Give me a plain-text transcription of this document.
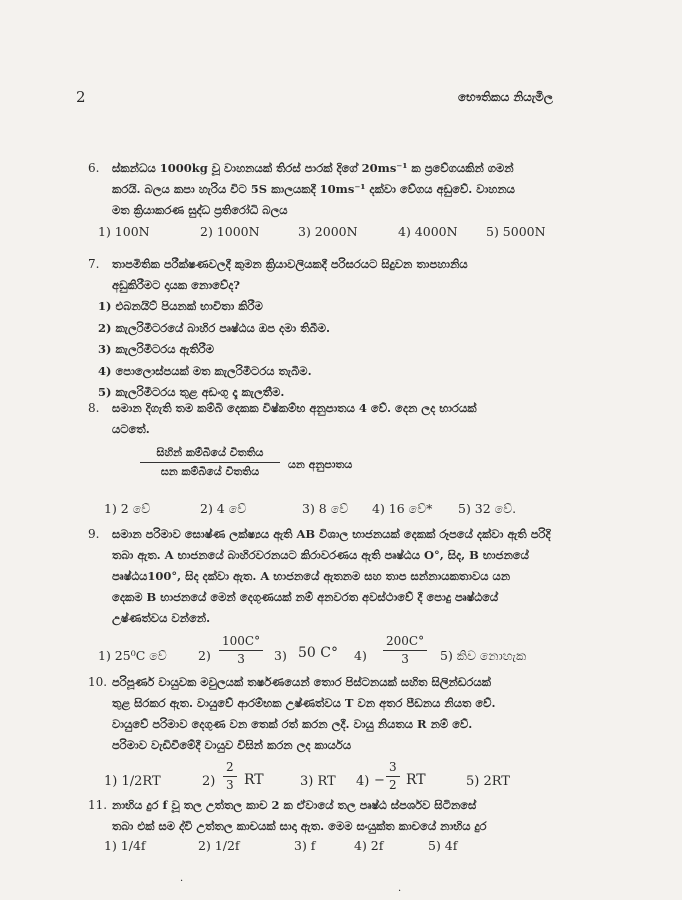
2	භෞතිකය නියැමිල
6.	ස්කන්ධය 1000kg වූ වාහනයක් තිරස් පාරක් දිගේ 20ms⁻¹ ක ප්‍රවේගයකින් ගමන්
කරයි. බලය කපා හැරිය විට 5S කාලයකදී 10ms⁻¹ දක්වා වේගය අඩුවේ. වාහනය
මත ක්‍රියාකරණ සුද්ධ ප්‍රතිරෝධි බලය
1) 100N	2) 1000N	3) 2000N	4) 4000N 5) 5000N
7.	තාපමිතික පරීක්ෂණවලදී කුමන ක්‍රියාවලියකදී පරිසරයට සිදුවන තාපහානිය
අඩුකිරීමට දායක නොවේද?
1) එබනයිට් පියනක් භාවිතා කිරීම
2) කැලරිමීටරයේ බාහිර පෘෂ්ඨය ඔප දමා තිබීම.
3) කැලරිමීටරය ඇතිරීම
4) පොලොස්පයක් මත කැලරිමීටරය තැබීම.
5) කැලරිමීටරය තුළ අඩංගු දෑ කැලතීම.
8.	සමාන දිගැති තම කම්බි දෙකක විෂ්කම්භ අනුපාතය 4 වේ. දෙන ලද භාරයක්
යටතේ.
සිහින් කම්බියේ විතතිය
ඝන කම්බියේ විතතිය
යන අනුපාතය
1) 2 වේ	2) 4 වේ	3) 8 වේ 4) 16 වේ* 5) 32 වේ.
9.	සමාන පරිමාව සොෂ්ණ ලක්ෂ්‍යය ඇති AB විශාල භාජනයක් දෙකක් රූපයේ දක්වා ඇති පරිදි
තබා ඇත. A භාජනයේ බාහිරවරනයට කිරාවරණය ඇති පෘෂ්ඨය O°, සිද, B භාජනයේ
පෘෂ්ඨය100°, සිද දක්වා ඇත. A භාජනයේ ඇතනම සහ තාප සන්නායකතාවය යන
දෙකම B භාජනයේ මෙන් දෙගුණයක් නම් අනවරත අවස්ථාවේ දී පොදු පෘෂ්ඨයේ
උෂ්ණත්වය වන්නේ.
1) 25⁰C වේ $2) \frac{100C^\circ}{3} 3$) 50 C° $4) \frac{200C^\circ}{3} 5$) කිව නොහැක
10. පරිපූර්ණ වායුවක මවුලයක් තර්ෂණයෙන් තොර පිස්ටනයක් සහිත සිලින්ඩරයක්
තුළ සිරකර ඇත. වායුවේ ආරම්භක උෂ්ණත්වය T වන අතර පීඩනය නියත වේ.
වායුවේ පරිමාව දෙගුණ වන තෙක් රත් කරන ලදී. වායු නියතය R නම් වේ.
පරිමාව වැඩිවීමේදී වායුව විසින් කරන ලද කාර්යය
1) 1/2RT	$2) \frac{2}{3}$ RT	3) RT $4) - \frac{3}{2}$ RT	5) 2RT
11. නාභිය දුර f වූ තල උත්තල කාච 2 ක ඒවායේ තල පෘෂ්ඨ ස්පර්ශව සිටිනසේ
තබා එක් සම ද්වි උත්තල කාචයක් සාදා ඇත. මෙම සංයුක්ත කාචයේ නාභිය දුර
1) 1/4f	2) 1/2f	3) f	4) 2f	5) 4f
·
·
